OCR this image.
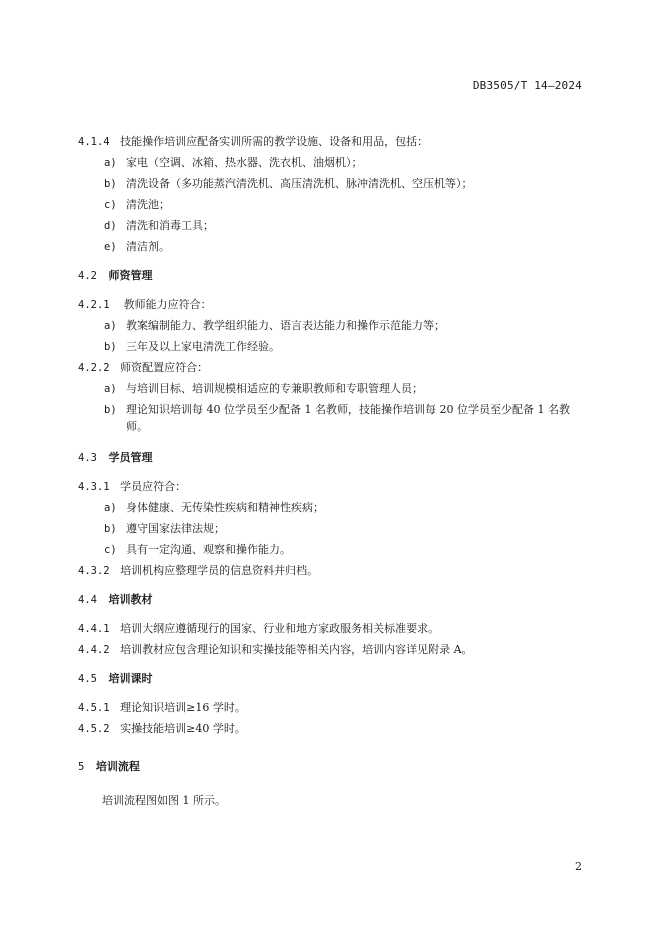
DB3505/T 14—2024
4.1.4 技能操作培训应配备实训所需的教学设施、设备和用品，包括：
a) 家电（空调、冰箱、热水器、洗衣机、油烟机）；
b) 清洗设备（多功能蒸汽清洗机、高压清洗机、脉冲清洗机、空压机等）；
c) 清洗池；
d) 清洗和消毒工具；
e) 清洁剂。
4.2 师资管理
4.2.1 教师能力应符合：
a) 教案编制能力、教学组织能力、语言表达能力和操作示范能力等；
b) 三年及以上家电清洗工作经验。
4.2.2 师资配置应符合：
a) 与培训目标、培训规模相适应的专兼职教师和专职管理人员；
b) 理论知识培训每 40 位学员至少配备 1 名教师，技能操作培训每 20 位学员至少配备 1 名教
师。
4.3 学员管理
4.3.1 学员应符合：
a) 身体健康、无传染性疾病和精神性疾病；
b) 遵守国家法律法规；
c) 具有一定沟通、观察和操作能力。
4.3.2 培训机构应整理学员的信息资料并归档。
4.4 培训教材
4.4.1 培训大纲应遵循现行的国家、行业和地方家政服务相关标准要求。
4.4.2 培训教材应包含理论知识和实操技能等相关内容，培训内容详见附录 A。
4.5 培训课时
4.5.1 理论知识培训≥16 学时。
4.5.2 实操技能培训≥40 学时。
5 培训流程
培训流程图如图 1 所示。
2
